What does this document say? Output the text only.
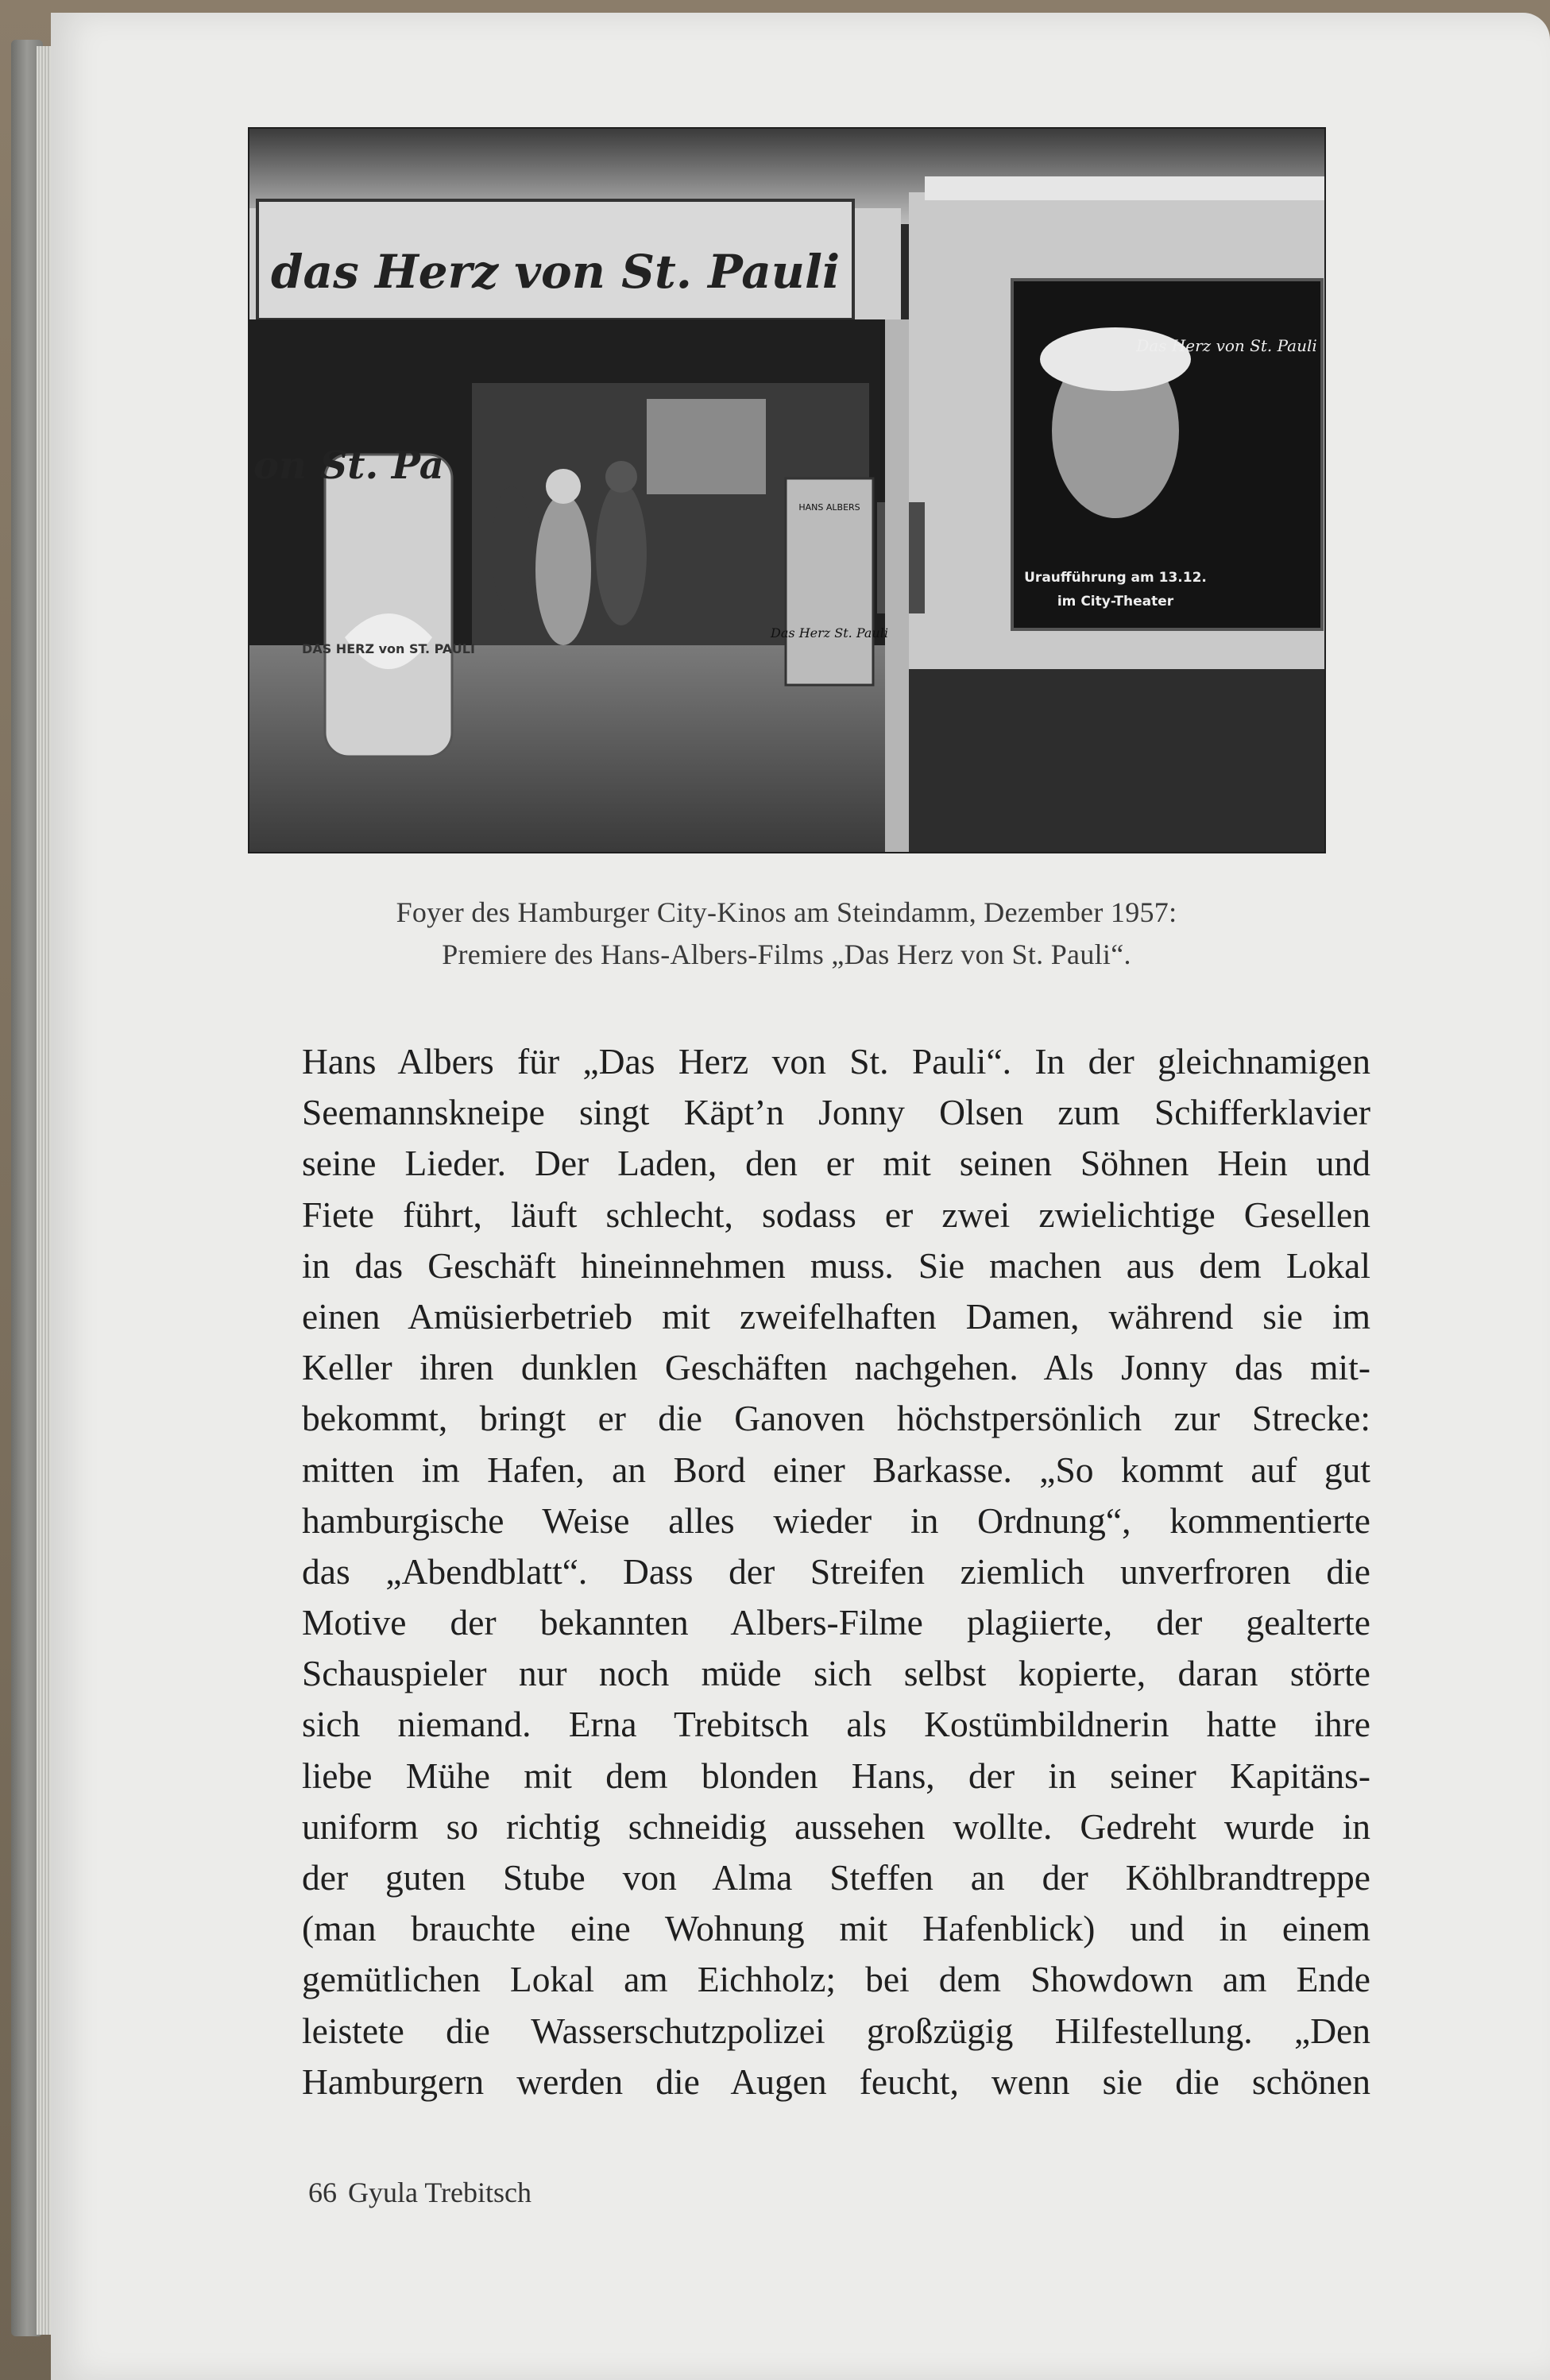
das Herz von St. Pauli
on St. Pa
DAS HERZ von ST. PAULI
HANS ALBERS
Das Herz St. Pauli
Das Herz von St. Pauli
Uraufführung am 13.12.
im City-Theater
Foyer des Hamburger City-Kinos am Steindamm, Dezember 1957:
Premiere des Hans-Albers-Films „Das Herz von St. Pauli“.
Hans Albers für „Das Herz von St. Pauli“. In der gleichnamigen
Seemannskneipe singt Käpt’n Jonny Olsen zum Schifferklavier
seine Lieder. Der Laden, den er mit seinen Söhnen Hein und
Fiete führt, läuft schlecht, sodass er zwei zwielichtige Gesellen
in das Geschäft hineinnehmen muss. Sie machen aus dem Lokal
einen Amüsierbetrieb mit zweifelhaften Damen, während sie im
Keller ihren dunklen Geschäften nachgehen. Als Jonny das mit-
bekommt, bringt er die Ganoven höchstpersönlich zur Strecke:
mitten im Hafen, an Bord einer Barkasse. „So kommt auf gut
hamburgische Weise alles wieder in Ordnung“, kommentierte
das „Abendblatt“. Dass der Streifen ziemlich unverfroren die
Motive der bekannten Albers-Filme plagiierte, der gealterte
Schauspieler nur noch müde sich selbst kopierte, daran störte
sich niemand. Erna Trebitsch als Kostümbildnerin hatte ihre
liebe Mühe mit dem blonden Hans, der in seiner Kapitäns-
uniform so richtig schneidig aussehen wollte. Gedreht wurde in
der guten Stube von Alma Steffen an der Köhlbrandtreppe
(man brauchte eine Wohnung mit Hafenblick) und in einem
gemütlichen Lokal am Eichholz; bei dem Showdown am Ende
leistete die Wasserschutzpolizei großzügig Hilfestellung. „Den
Hamburgern werden die Augen feucht, wenn sie die schönen
66 Gyula Trebitsch
